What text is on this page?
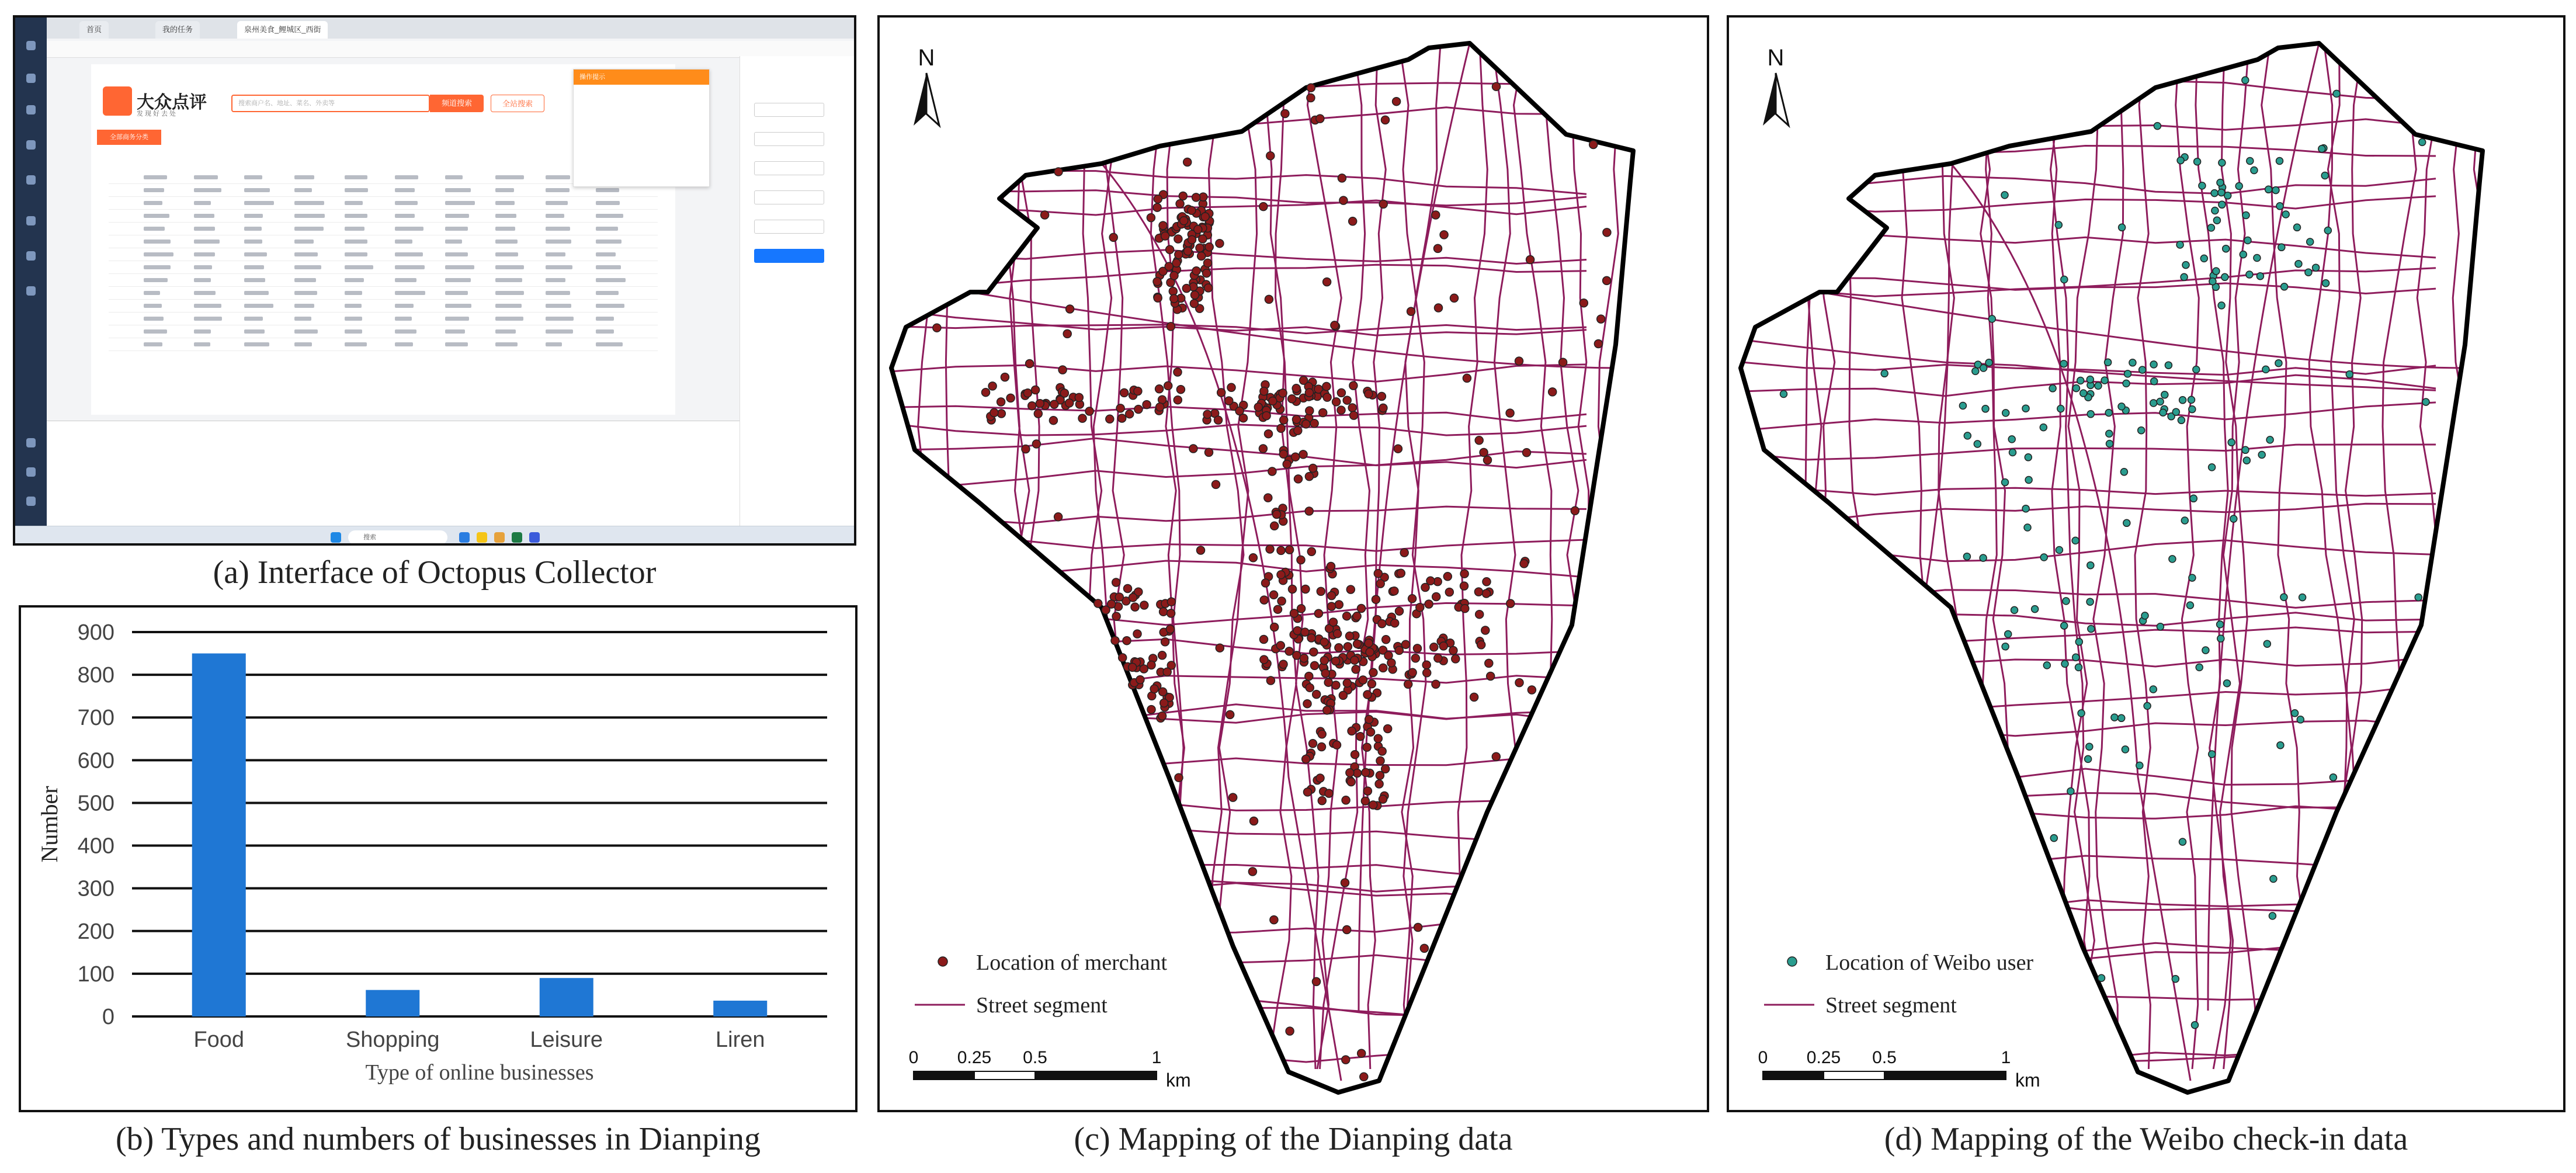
首页	我的任务	泉州美食_鲤城区_西街
大众点评
发现好去处
搜索商户名、地址、菜名、外卖等	频道搜索	全站搜索
全部商务分类
操作提示
搜索
(a) Interface of Octopus Collector
0
100
200
300
400
500
600
700
800
900
Food	Shopping	Leisure	Liren
Type of online businesses
Number
(b) Types and numbers of businesses in Dianping
N
Location of merchant
Street segment
0 0.25 0.5	1
km
(c) Mapping of the Dianping data
N
Location of Weibo user
Street segment
0 0.25 0.5	1
km
(d) Mapping of the Weibo check-in data
